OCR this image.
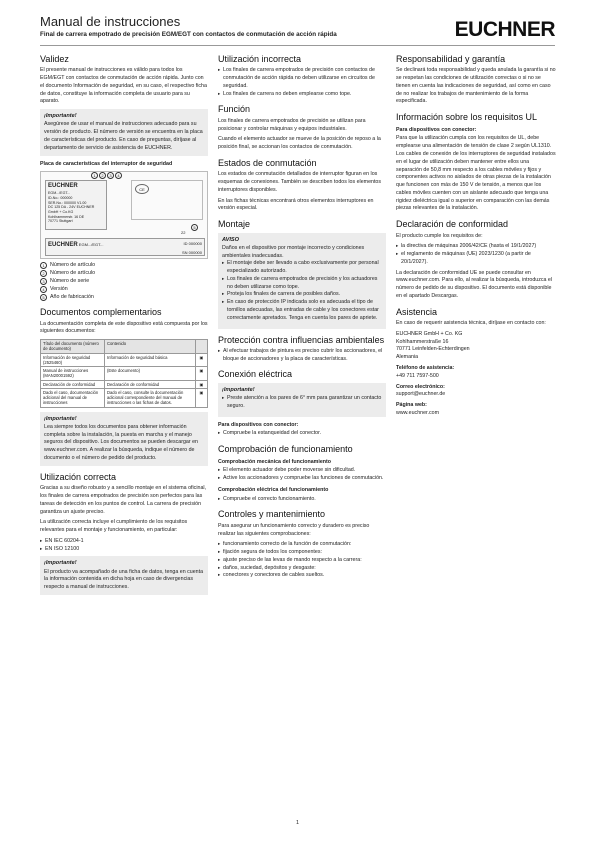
Manual de instrucciones
Final de carrera empotrado de precisión EGM/EGT con contactos de conmutación de acción rápida	EUCHNER
Validez

El presente manual de instrucciones es válido para todos los EGM/EGT con contactos de conmutación de acción rápida. Junto con el documento Información de seguridad, en su caso, el respectivo ficha de datos, constituye la información completa de usuario para su aparato.

¡Importante!
Asegúrese de usar el manual de instrucciones adecuado para su versión de producto. El número de versión se encuentra en la placa de características del producto. En caso de preguntas, diríjase al departamento de servicio de asistencia de EUCHNER.
Placa de características del interruptor de seguridad
1 2 3 4
EUCHNER
EGM.../EGT...
ID-No.: 000000
SER.No.: 000000 V1.00
DC 125 DA - 24V EUCHNER
GmbH + Co.KG
Kohlhammerstr. 16 DE
70771 Stuttgart
CE
5
22
EUCHNER EGM.../EGT...	ID 000000

SN 000000
1	Número de artículo
2	Número de artículo
3	Número de serie
4	Versión
5	Año de fabricación
Documentos complementarios

La documentación completa de este dispositivo está compuesta por los siguientes documentos:

Título del documento (número de documento)	Contenido	
Información de seguridad (2525460)	Información de seguridad básica	▣
Manual de instrucciones (MAN20001592)	(Este documento)	▣
Declaración de conformidad	Declaración de conformidad	▣
Dado el caso, documentación adicional del manual de instrucciones	Dado el caso, consulte la documentación adicional correspondiente del manual de instrucciones o las fichas de datos.	▣
¡Importante!
Lea siempre todos los documentos para obtener información completa sobre la instalación, la puesta en marcha y el manejo seguros del dispositivo. Los documentos se pueden descargar en www.euchner.com. A realizar la búsqueda, indique el número de documento o el número de pedido del producto.
Utilización correcta

Gracias a su diseño robusto y a sencillo montaje en el sistema oficinal, los finales de carrera empotrados de precisión son perfectos para las tareas de detección en los puntos de control. La carrera de precisión garantiza un ajuste preciso.

La utilización correcta incluye el cumplimiento de los requisitos relevantes para el montaje y funcionamiento, en particular:

▸ EN IEC 60204-1
▸ EN ISO 12100
¡Importante!
El producto va acompañado de una ficha de datos, tenga en cuenta la información contenida en dicha hoja en caso de divergencias respecto a manual de instrucciones.
Utilización incorrecta
▸ Los finales de carrera empotrados de precisión con contactos de conmutación de acción rápida no deben utilizarse en circuitos de seguridad.
▸ Los finales de carrera no deben emplearse como tope.
Función

Los finales de carrera empotrados de precisión se utilizan para posicionar y controlar máquinas y equipos industriales.

Cuando el elemento actuador se mueve de la posición de reposo a la posición final, se accionan los contactos de conmutación.

Estados de conmutación

Los estados de conmutación detallados de interruptor figuran en los esquemas de conexiones. También se describen todos los elementos interruptores disponibles.

En las fichas técnicas encontrará otros elementos interruptores en versión especial.

Montaje
AVISO
Daños en el dispositivo por montaje incorrecto y condiciones ambientales inadecuadas.
▸ El montaje debe ser llevado a cabo exclusivamente por personal especializado autorizado.
▸ Los finales de carrera empotrados de precisión y los actuadores no deben utilizarse como tope.
▸ Proteja los finales de carrera de posibles daños.
▸ En caso de protección IP indicada solo es adecuada el tipo de tornillos adecuadas, las entradas de cable y los conectores estar correctamente apretados. Tenga en cuenta los pares de apriete.
Protección contra influencias ambientales
▸ Al efectuar trabajos de pintura es preciso cubrir los accionadores, el bloque de accionadores y la placa de características.
Conexión eléctrica
¡Importante!
▸ Preste atención a los pares de 6° mm para garantizar un contacto seguro.
Para dispositivos con conector:
▸ Compruebe la estanqueidad del conector.
Comprobación de funcionamiento
Comprobación mecánica del funcionamiento
▸ El elemento actuador debe poder moverse sin dificultad.
▸ Active los accionadores y compruebe las funciones de conmutación.
Comprobación eléctrica del funcionamiento
▸ Compruebe el correcto funcionamiento.
Controles y mantenimiento

Para asegurar un funcionamiento correcto y duradero es preciso realizar las siguientes comprobaciones:

▸ funcionamiento correcto de la función de conmutación:
▸ fijación segura de todos los componentes:
▸ ajuste preciso de las levas de mando respecto a la carrera:
▸ daños, suciedad, depósitos y desgaste:
▸ conectores y conectores de cables sueltos.
Responsabilidad y garantía

Se declinará toda responsabilidad y queda anulada la garantía si no se respetan las condiciones de utilización correctas o si no se tienen en cuenta las indicaciones de seguridad, así como en caso de no realizar los trabajos de mantenimiento de la forma especificada.

Información sobre los requisitos UL
Para dispositivos con conector:

Para que la utilización cumpla con los requisitos de UL, debe emplearse una alimentación de tensión de clase 2 según UL1310. Los cables de conexión de los interruptores de seguridad instalados en el lugar de utilización deben mantener entre ellos una separación de 50,8 mm respecto a los cables móviles y fijos y componentes activos no aislados de otras piezas de la instalación que funcionen con más de 150 V de tensión, a menos que los cables móviles cuenten con un aislante adecuado que tenga una rigidez dieléctrica igual o superior en comparación con las demás piezas relevantes de la instalación.

Declaración de conformidad

El producto cumple los requisitos de:

▸ la directiva de máquinas 2006/42/CE (hasta el 19/1/2027)
▸ el reglamento de máquinas (UE) 2023/1230 (a partir de 20/1/2027).

La declaración de conformidad UE se puede consultar en www.euchner.com. Para ello, al realizar la búsqueda, introduzca el número de pedido de su dispositivo. El documento está disponible en el apartado Descargas.

Asistencia

En caso de requerir asistencia técnica, diríjase en contacto con:

EUCHNER GmbH + Co. KG
Kohlhammerstraße 16
70771 Leinfelden-Echterdingen
Alemania

Teléfono de asistencia:
+49 711 7597-500

Correo electrónico:
support@euchner.de

Página web:
www.euchner.com

1
